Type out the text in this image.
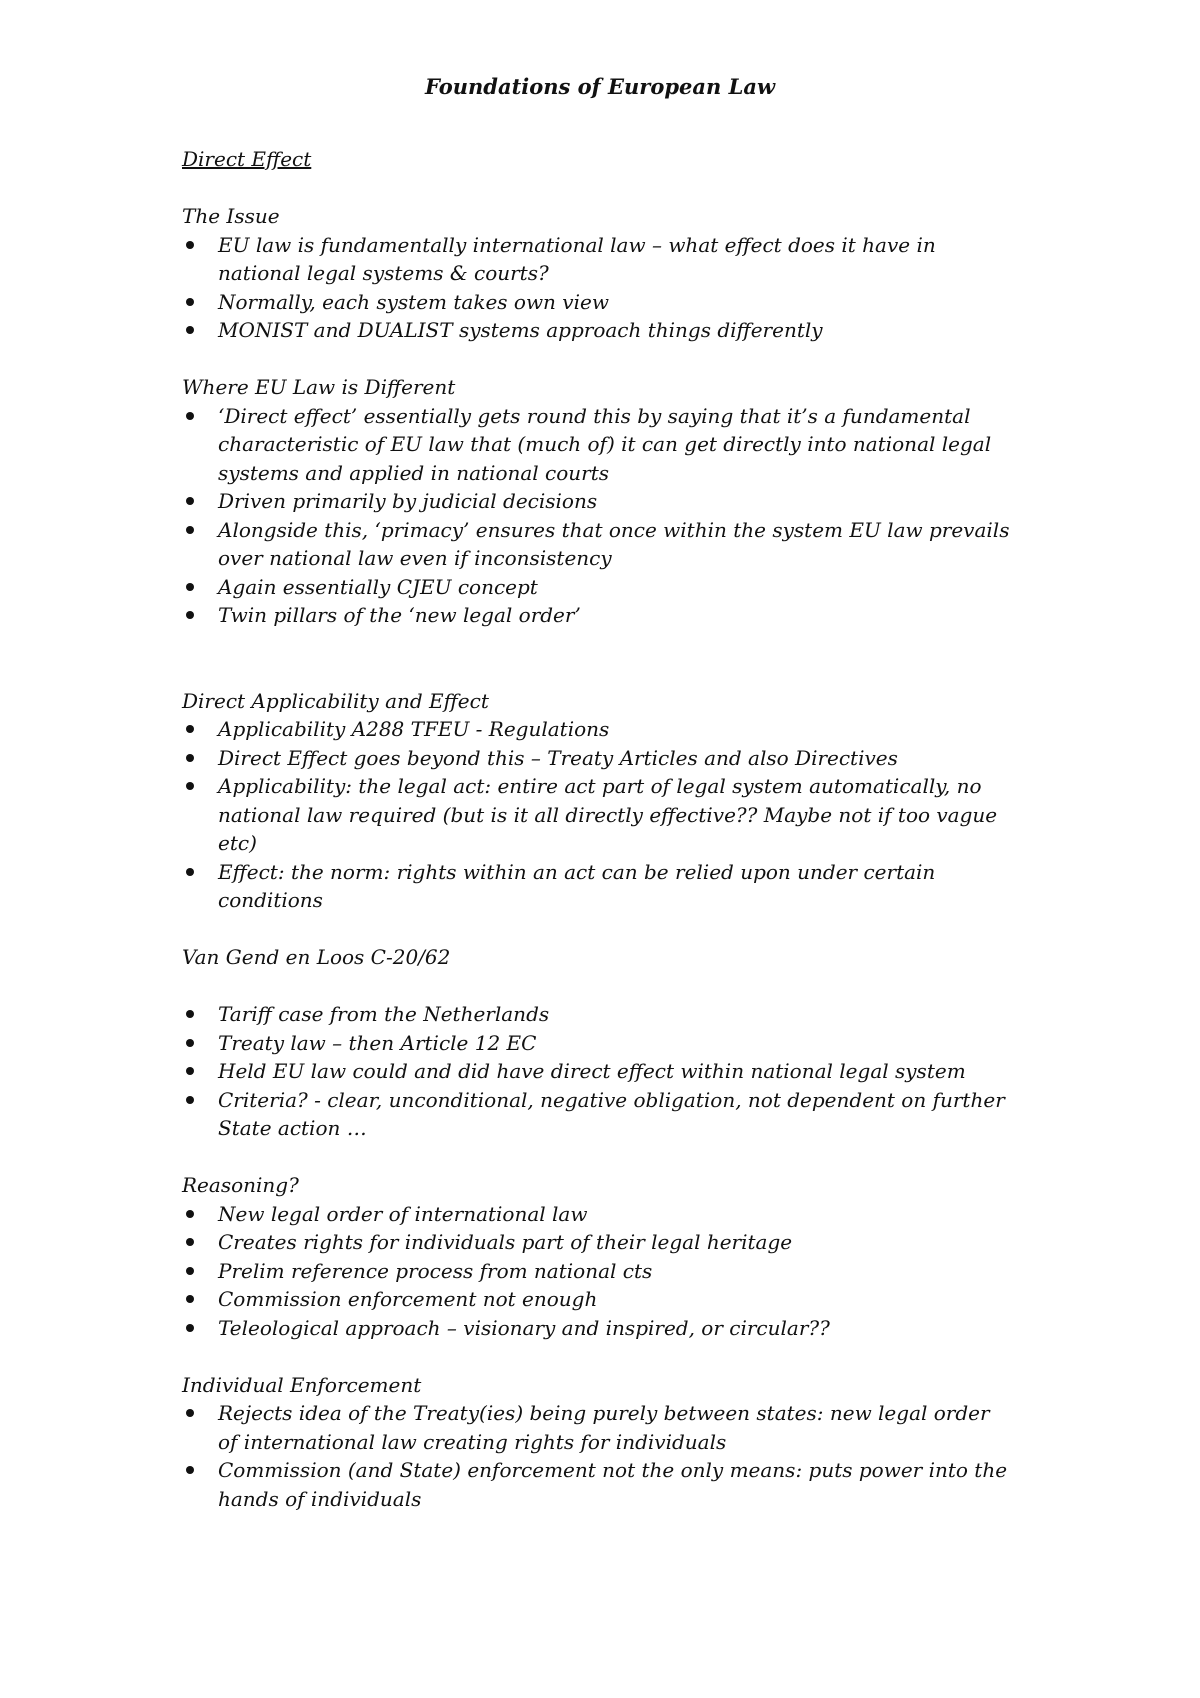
Foundations of European Law
Direct Effect

The Issue

EU law is fundamentally international law – what effect does it have in national legal systems & courts?
Normally, each system takes own view
MONIST and DUALIST systems approach things differently

Where EU Law is Different

‘Direct effect’ essentially gets round this by saying that it’s a fundamental characteristic of EU law that (much of) it can get directly into national legal systems and applied in national courts
Driven primarily by judicial decisions
Alongside this, ‘primacy’ ensures that once within the system EU law prevails over national law even if inconsistency
Again essentially CJEU concept
Twin pillars of the ‘new legal order’

Direct Applicability and Effect

Applicability A288 TFEU - Regulations
Direct Effect goes beyond this – Treaty Articles and also Directives
Applicability: the legal act: entire act part of legal system automatically, no national law required (but is it all directly effective?? Maybe not if too vague etc)
Effect: the norm: rights within an act can be relied upon under certain conditions

Van Gend en Loos C-20/62

Tariff case from the Netherlands
Treaty law – then Article 12 EC
Held EU law could and did have direct effect within national legal system
Criteria? - clear, unconditional, negative obligation, not dependent on further State action …

Reasoning?

New legal order of international law
Creates rights for individuals part of their legal heritage
Prelim reference process from national cts
Commission enforcement not enough
Teleological approach – visionary and inspired, or circular??

Individual Enforcement

Rejects idea of the Treaty(ies) being purely between states: new legal order of international law creating rights for individuals
Commission (and State) enforcement not the only means: puts power into the hands of individuals
